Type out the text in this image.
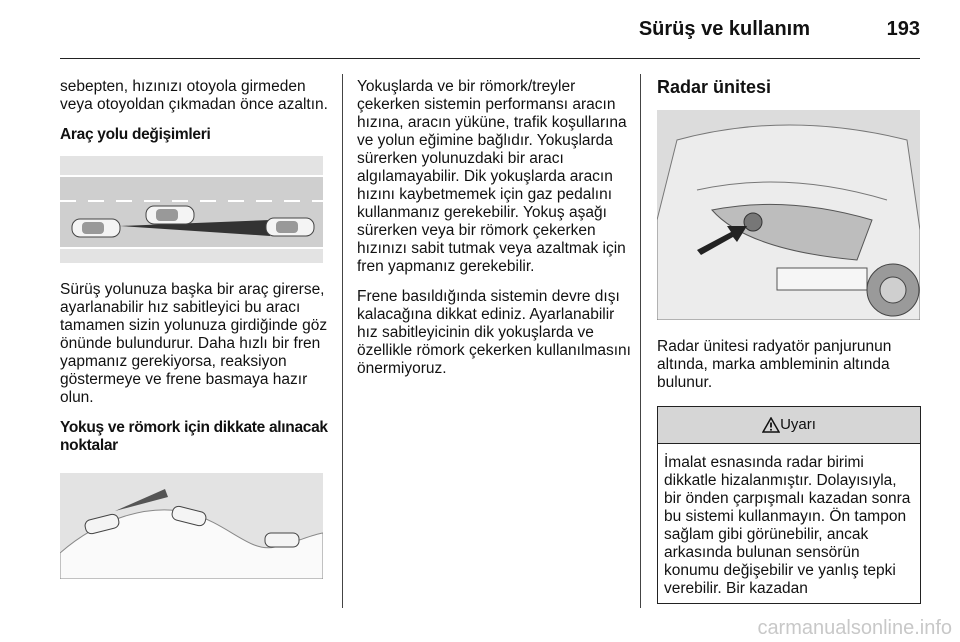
Sürüş ve kullanım	193

sebepten, hızınızı otoyola girmeden veya otoyoldan çıkmadan önce azaltın.

Araç yolu değişimleri

Sürüş yolunuza başka bir araç girerse, ayarlanabilir hız sabitleyici bu aracı tamamen sizin yolunuza girdiğinde göz önünde bulundurur. Daha hızlı bir fren yapmanız gerekiyorsa, reaksiyon göstermeye ve frene basmaya hazır olun.

Yokuş ve römork için dikkate alınacak noktalar

Yokuşlarda ve bir römork/treyler çekerken sistemin performansı aracın hızına, aracın yüküne, trafik koşullarına ve yolun eğimine bağlıdır. Yokuşlarda sürerken yolunuzdaki bir aracı algılamayabilir. Dik yokuşlarda aracın hızını kaybetmemek için gaz pedalını kullanmanız gerekebilir. Yokuş aşağı sürerken veya bir römork çekerken hızınızı sabit tutmak veya azaltmak için fren yapmanız gerekebilir.

Frene basıldığında sistemin devre dışı kalacağına dikkat ediniz. Ayarlanabilir hız sabitleyicinin dik yokuşlarda ve özellikle römork çekerken kullanılmasını önermiyoruz.

Radar ünitesi

Radar ünitesi radyatör panjurunun altında, marka ambleminin altında bulunur.

Uyarı
İmalat esnasında radar birimi dikkatle hizalanmıştır. Dolayısıyla, bir önden çarpışmalı kazadan sonra bu sistemi kullanmayın. Ön tampon sağlam gibi görünebilir, ancak arkasında bulunan sensörün konumu değişebilir ve yanlış tepki verebilir. Bir kazadan
carmanualsonline.info
